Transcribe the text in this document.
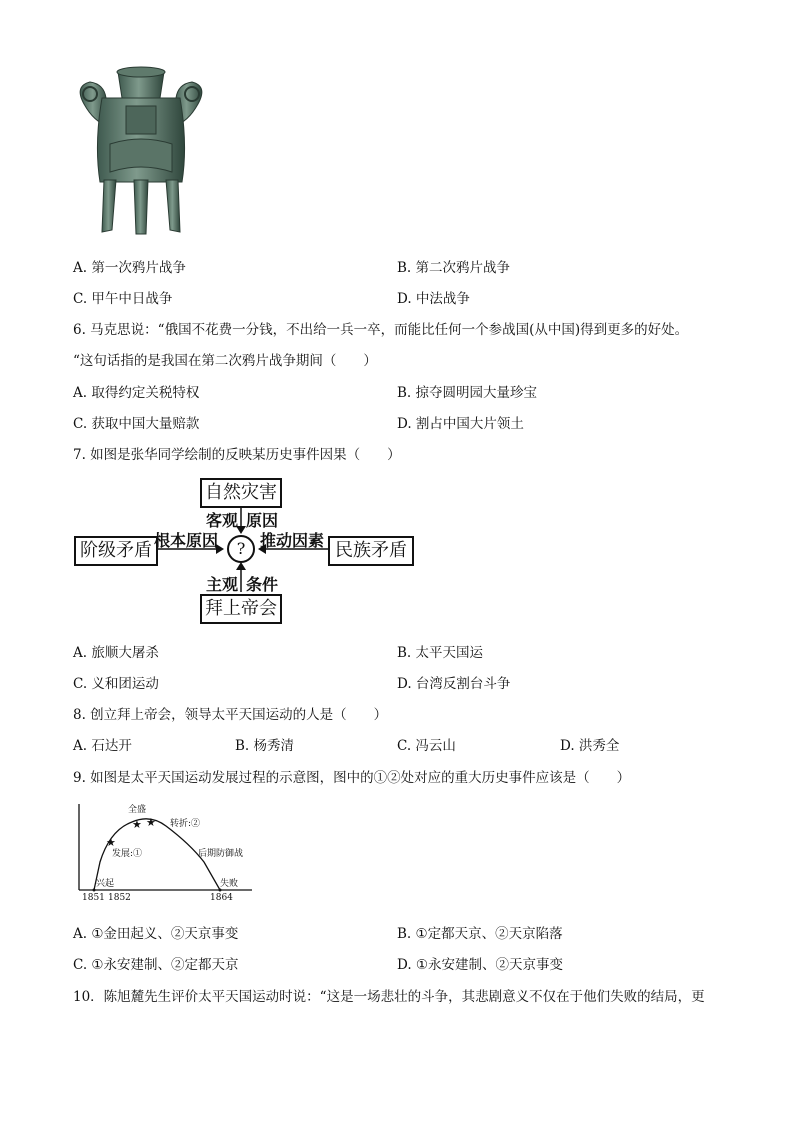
A. 第一次鸦片战争	B. 第二次鸦片战争
C. 甲午中日战争	D. 中法战争
6. 马克思说：“俄国不花费一分钱，不出给一兵一卒，而能比任何一个参战国(从中国)得到更多的好处。
“这句话指的是我国在第二次鸦片战争期间（　　）
A. 取得约定关税特权	B. 掠夺圆明园大量珍宝
C. 获取中国大量赔款	D. 割占中国大片领土
7. 如图是张华同学绘制的反映某历史事件因果（　　）
自然灾害
客观 原因
阶级矛盾 根本原因	? 推动因素 民族矛盾
主观 条件
拜上帝会
A. 旅顺大屠杀	B. 太平天国运
C. 义和团运动	D. 台湾反割台斗争
8. 创立拜上帝会，领导太平天国运动的人是（　　）
A. 石达开	B. 杨秀清	C. 冯云山	D. 洪秀全
9. 如图是太平天国运动发展过程的示意图，图中的①②处对应的重大历史事件应该是（　　）
★
★ ★
全盛
转折:②
发展:①	后期防御战
兴起	失败
1851 1852	1864
A. ①金田起义、②天京事变	B. ①定都天京、②天京陷落
C. ①永安建制、②定都天京	D. ①永安建制、②天京事变
10．陈旭麓先生评价太平天国运动时说：“这是一场悲壮的斗争，其悲剧意义不仅在于他们失败的结局，更
